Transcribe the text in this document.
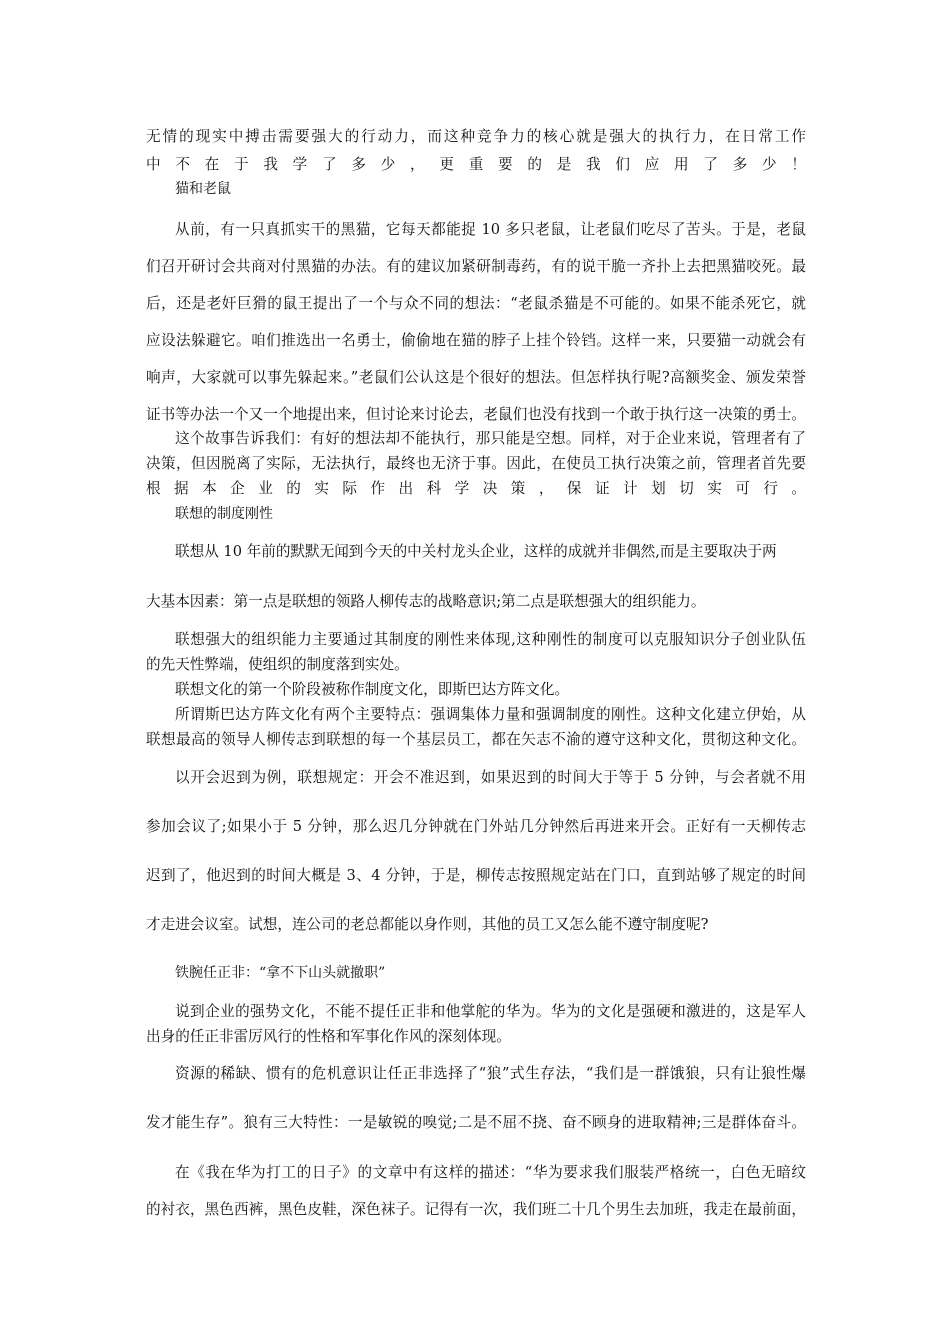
无情的现实中搏击需要强大的行动力，而这种竞争力的核心就是强大的执行力，在日常工作

中不在于我学了多少，更重要的是我们应用了多少！

猫和老鼠

从前，有一只真抓实干的黑猫，它每天都能捉 10 多只老鼠，让老鼠们吃尽了苦头。于是，老鼠

们召开研讨会共商对付黑猫的办法。有的建议加紧研制毒药，有的说干脆一齐扑上去把黑猫咬死。最

后，还是老奸巨猾的鼠王提出了一个与众不同的想法：“老鼠杀猫是不可能的。如果不能杀死它，就

应设法躲避它。咱们推选出一名勇士，偷偷地在猫的脖子上挂个铃铛。这样一来，只要猫一动就会有

响声，大家就可以事先躲起来。”老鼠们公认这是个很好的想法。但怎样执行呢?高额奖金、颁发荣誉

证书等办法一个又一个地提出来，但讨论来讨论去，老鼠们也没有找到一个敢于执行这一决策的勇士。

这个故事告诉我们：有好的想法却不能执行，那只能是空想。同样，对于企业来说，管理者有了

决策，但因脱离了实际，无法执行，最终也无济于事。因此，在使员工执行决策之前，管理者首先要

根据本企业的实际作出科学决策，保证计划切实可行。

联想的制度刚性

联想从 10 年前的默默无闻到今天的中关村龙头企业，这样的成就并非偶然,而是主要取决于两

大基本因素：第一点是联想的领路人柳传志的战略意识;第二点是联想强大的组织能力。

联想强大的组织能力主要通过其制度的刚性来体现,这种刚性的制度可以克服知识分子创业队伍

的先天性弊端，使组织的制度落到实处。

联想文化的第一个阶段被称作制度文化，即斯巴达方阵文化。

所谓斯巴达方阵文化有两个主要特点：强调集体力量和强调制度的刚性。这种文化建立伊始，从

联想最高的领导人柳传志到联想的每一个基层员工，都在矢志不渝的遵守这种文化，贯彻这种文化。

以开会迟到为例，联想规定：开会不准迟到，如果迟到的时间大于等于 5 分钟，与会者就不用

参加会议了;如果小于 5 分钟，那么迟几分钟就在门外站几分钟然后再进来开会。正好有一天柳传志

迟到了，他迟到的时间大概是 3、4 分钟，于是，柳传志按照规定站在门口，直到站够了规定的时间

才走进会议室。试想，连公司的老总都能以身作则，其他的员工又怎么能不遵守制度呢?

铁腕任正非：“拿不下山头就撤职”

说到企业的强势文化，不能不提任正非和他掌舵的华为。华为的文化是强硬和激进的，这是军人

出身的任正非雷厉风行的性格和军事化作风的深刻体现。

资源的稀缺、惯有的危机意识让任正非选择了“狼”式生存法，“我们是一群饿狼，只有让狼性爆

发才能生存”。狼有三大特性：一是敏锐的嗅觉;二是不屈不挠、奋不顾身的进取精神;三是群体奋斗。

在《我在华为打工的日子》的文章中有这样的描述：“华为要求我们服装严格统一，白色无暗纹

的衬衣，黑色西裤，黑色皮鞋，深色袜子。记得有一次，我们班二十几个男生去加班，我走在最前面，
